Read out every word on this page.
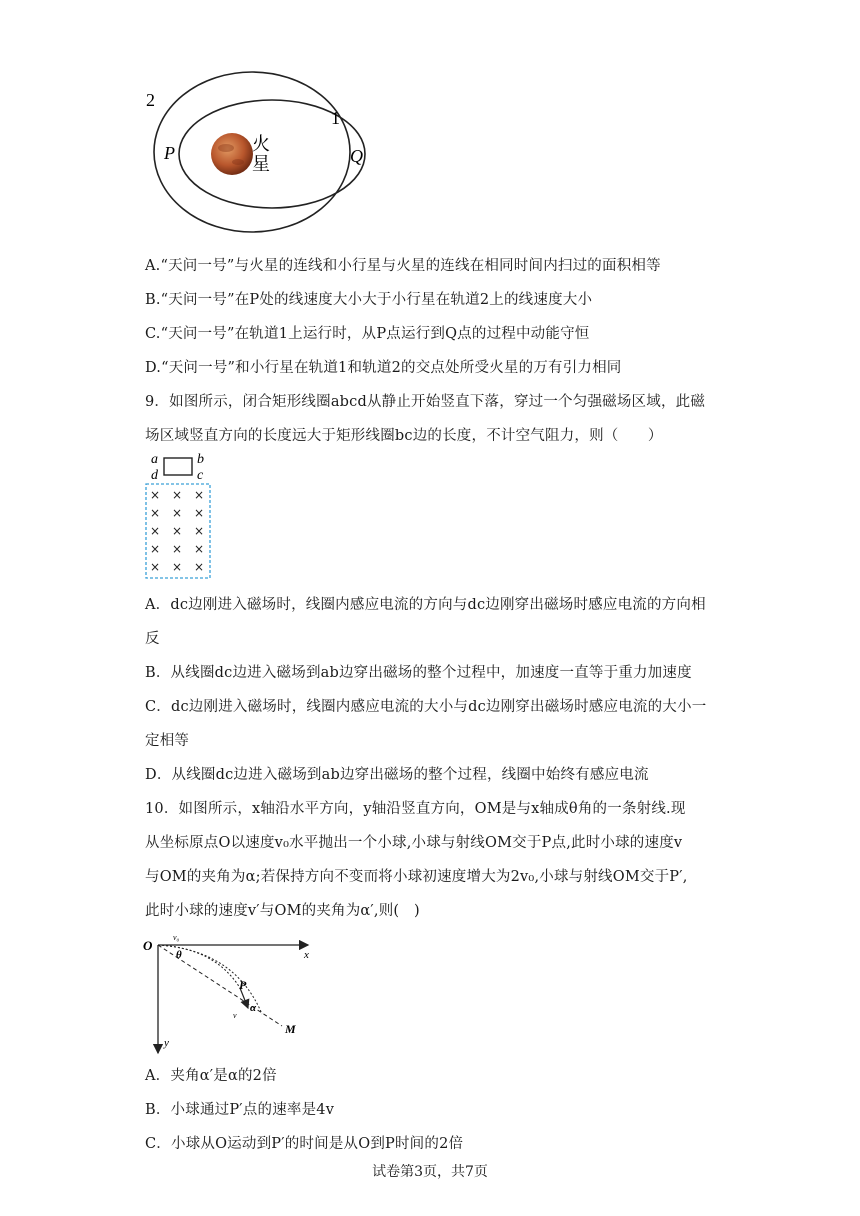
2
1
P	Q
火
星
A.“天问一号”与火星的连线和小行星与火星的连线在相同时间内扫过的面积相等
B.“天问一号”在P处的线速度大小大于小行星在轨道2上的线速度大小
C.“天问一号”在轨道1上运行时，从P点运行到Q点的过程中动能守恒
D.“天问一号”和小行星在轨道1和轨道2的交点处所受火星的万有引力相同
9．如图所示，闭合矩形线圈abcd从静止开始竖直下落，穿过一个匀强磁场区域，此磁
场区域竖直方向的长度远大于矩形线圈bc边的长度，不计空气阻力，则（　　）
a	b
c
d
× × ×
× × ×
× × ×
× × ×
× × ×
A．dc边刚进入磁场时，线圈内感应电流的方向与dc边刚穿出磁场时感应电流的方向相
反
B．从线圈dc边进入磁场到ab边穿出磁场的整个过程中，加速度一直等于重力加速度
C．dc边刚进入磁场时，线圈内感应电流的大小与dc边刚穿出磁场时感应电流的大小一
定相等
D．从线圈dc边进入磁场到ab边穿出磁场的整个过程，线圈中始终有感应电流
10．如图所示，x轴沿水平方向，y轴沿竖直方向，OM是与x轴成θ角的一条射线.现
从坐标原点O以速度v₀水平抛出一个小球,小球与射线OM交于P点,此时小球的速度v
与OM的夹角为α;若保持方向不变而将小球初速度增大为2v₀,小球与射线OM交于P′,
此时小球的速度v′与OM的夹角为α′,则(　)
O
x
y
v₀
θ
P
α
v
M
A．夹角α′是α的2倍
B．小球通过P′点的速率是4v
C．小球从O运动到P′的时间是从O到P时间的2倍
试卷第3页，共7页
